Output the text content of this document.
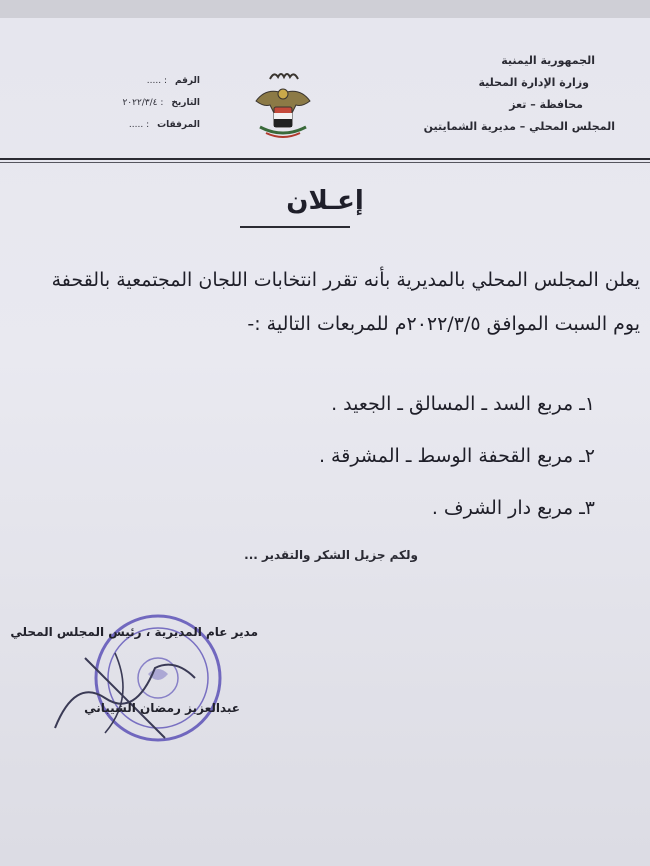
الجمهورية اليمنية
وزارة الإدارة المحلية
محافظة – تعز
المجلس المحلي – مديرية الشمايتين
الرقم
: .....
التاريخ
: ٢٠٢٢/٣/٤
المرفقات
: .....
إعـلان
يعلن المجلس المحلي بالمديرية بأنه تقرر انتخابات اللجان المجتمعية بالقحفة
يوم السبت الموافق ٢٠٢٢/٣/٥م للمربعات التالية :-
١ـ مربع السد ـ المسالق ـ الجعيد .
٢ـ مربع القحفة الوسط ـ المشرقة .
٣ـ مربع دار الشرف .
ولكم جزيل الشكر والتقدير ...
مدير عام المديرية ، رئيس المجلس المحلي
عبدالعزيز رمضان الشيباني
